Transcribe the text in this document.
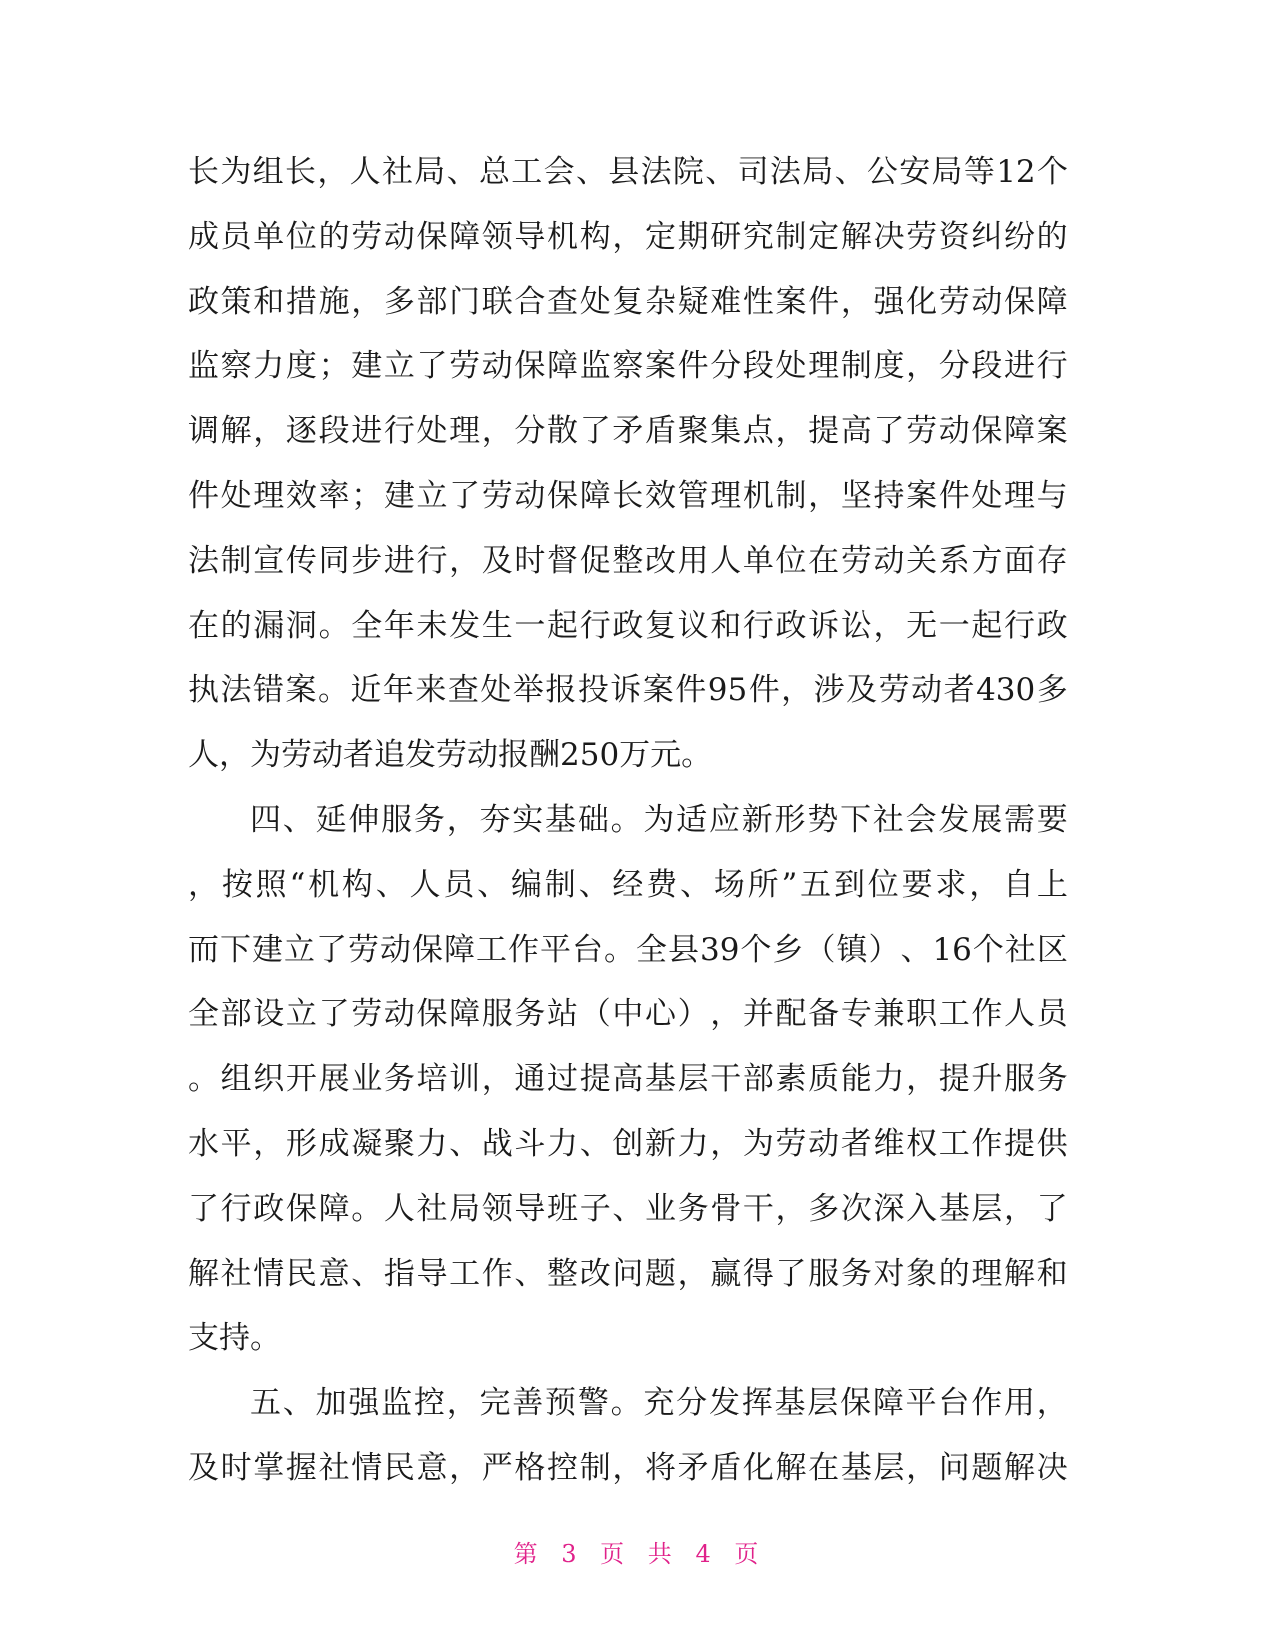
长 为 组 长 ， 人 社 局 、 总 工 会 、 县 法 院 、 司 法 局 、 公 安 局 等 12 个
成 员 单 位 的 劳 动 保 障 领 导 机 构 ， 定 期 研 究 制 定 解 决 劳 资 纠 纷 的
政 策 和 措 施 ， 多 部 门 联 合 查 处 复 杂 疑 难 性 案 件 ， 强 化 劳 动 保 障
监 察 力 度 ； 建 立 了 劳 动 保 障 监 察 案 件 分 段 处 理 制 度 ， 分 段 进 行
调 解 ， 逐 段 进 行 处 理 ， 分 散 了 矛 盾 聚 集 点 ， 提 高 了 劳 动 保 障 案
件 处 理 效 率 ； 建 立 了 劳 动 保 障 长 效 管 理 机 制 ， 坚 持 案 件 处 理 与
法 制 宣 传 同 步 进 行 ， 及 时 督 促 整 改 用 人 单 位 在 劳 动 关 系 方 面 存
在 的 漏 洞 。 全 年 未 发 生 一 起 行 政 复 议 和 行 政 诉 讼 ， 无 一 起 行 政
执 法 错 案 。 近 年 来 查 处 举 报 投 诉 案 件 95 件 ， 涉 及 劳 动 者 430 多
人，为劳动者追发劳动报酬250万元。
四 、 延 伸 服 务 ， 夯 实 基 础 。 为 适 应 新 形 势 下 社 会 发 展 需 要
， 按 照 “ 机 构 、 人 员 、 编 制 、 经 费 、 场 所 ” 五 到 位 要 求 ， 自 上
而 下 建 立 了 劳 动 保 障 工 作 平 台 。 全 县 39 个 乡 （ 镇 ） 、 16 个 社 区
全 部 设 立 了 劳 动 保 障 服 务 站 （ 中 心 ） ， 并 配 备 专 兼 职 工 作 人 员
。 组 织 开 展 业 务 培 训 ， 通 过 提 高 基 层 干 部 素 质 能 力 ， 提 升 服 务
水 平 ， 形 成 凝 聚 力 、 战 斗 力 、 创 新 力 ， 为 劳 动 者 维 权 工 作 提 供
了 行 政 保 障 。 人 社 局 领 导 班 子 、 业 务 骨 干 ， 多 次 深 入 基 层 ， 了
解 社 情 民 意 、 指 导 工 作 、 整 改 问 题 ， 赢 得 了 服 务 对 象 的 理 解 和
支持。
五 、 加 强 监 控 ， 完 善 预 警 。 充 分 发 挥 基 层 保 障 平 台 作 用 ，
及 时 掌 握 社 情 民 意 ， 严 格 控 制 ， 将 矛 盾 化 解 在 基 层 ， 问 题 解 决
第 3 页 共 4 页
